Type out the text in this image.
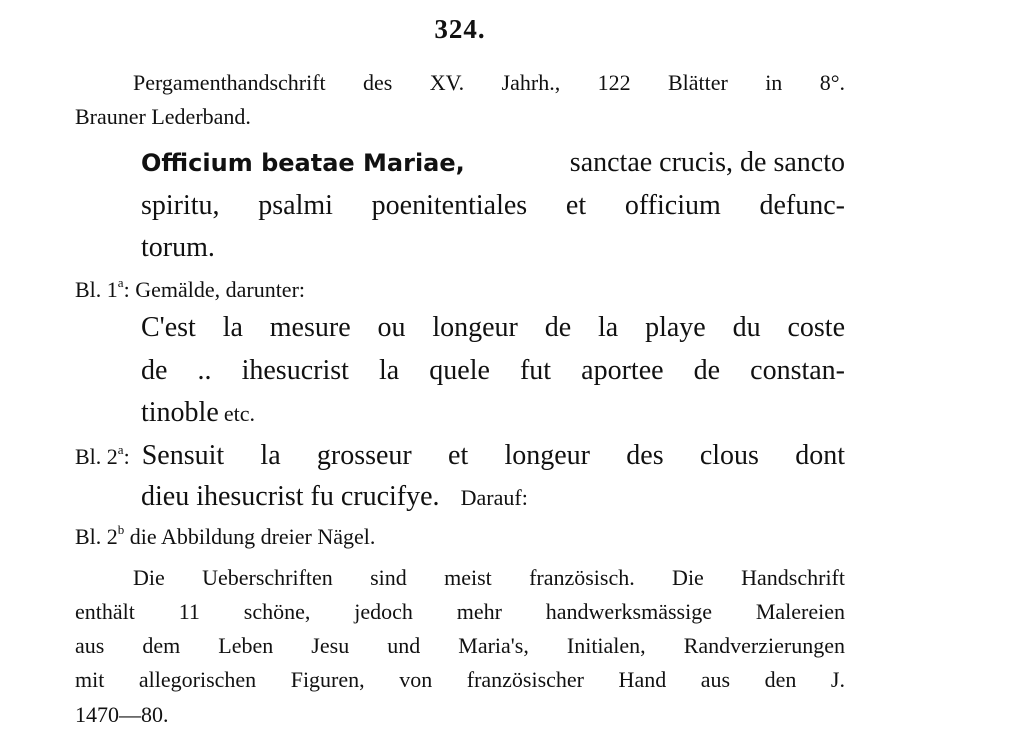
324.
Pergamenthandschrift des XV. Jahrh., 122 Blätter in 8°.
Brauner Lederband.
Officium beatae Mariae,	sanctae crucis, de sancto
spiritu, psalmi poenitentiales et officium defunc-
torum.
Bl. 1$^a$: Gemälde, darunter:
C'est la mesure ou longeur de la playe du coste
de .. ihesucrist la quele fut aportee de constan-
tinoble etc.
Bl. 2$^a$: Sensuit la grosseur et longeur des clous dont
dieu ihesucrist fu crucifye. Darauf:
Bl. 2$^b$ die Abbildung dreier Nägel.
Die Ueberschriften sind meist französisch. Die Handschrift
enthält 11 schöne, jedoch mehr handwerksmässige Malereien
aus dem Leben Jesu und Maria's, Initialen, Randverzierungen
mit allegorischen Figuren, von französischer Hand aus den J.
1470—80.
